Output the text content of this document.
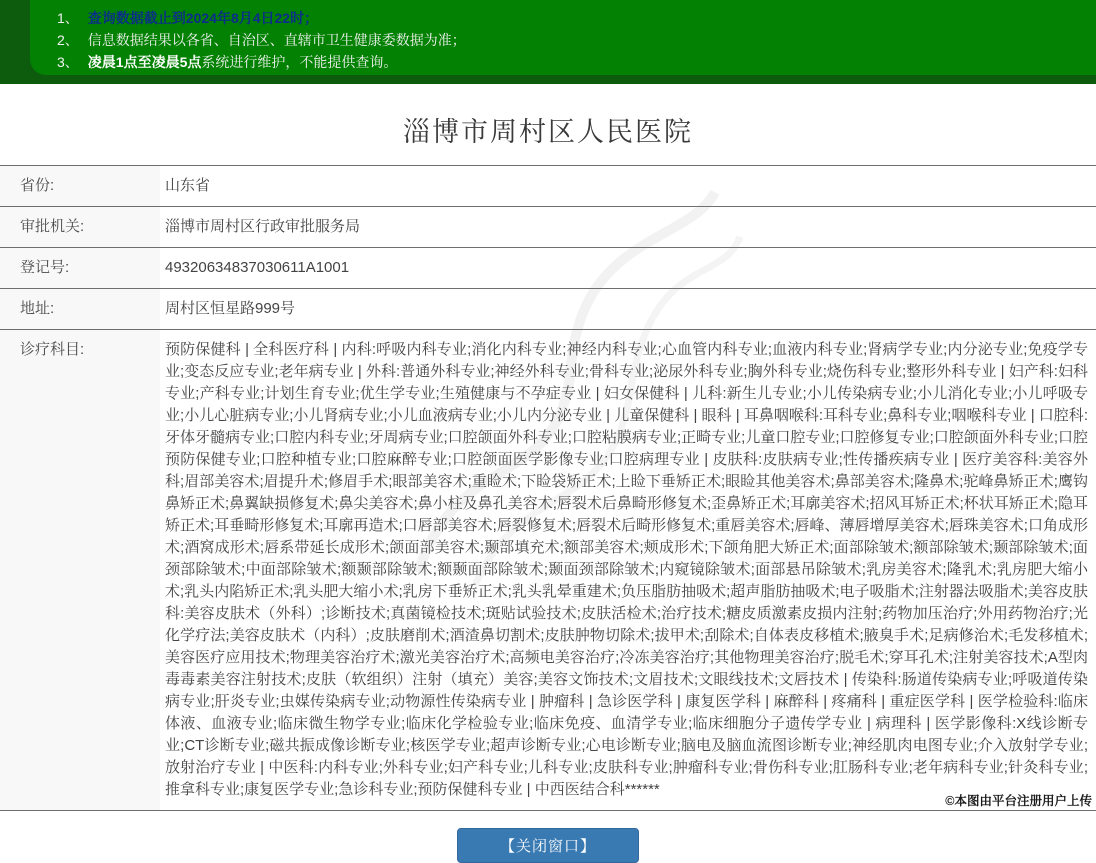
1、 查询数据截止到2024年8月4日22时；
2、 信息数据结果以各省、自治区、直辖市卫生健康委数据为准；
3、 凌晨1点至凌晨5点系统进行维护，不能提供查询。
淄博市周村区人民医院
省份:	山东省
审批机关:	淄博市周村区行政审批服务局
登记号:	49320634837030611A1001
地址:	周村区恒星路999号
诊疗科目:	预防保健科 | 全科医疗科 | 内科:呼吸内科专业;消化内科专业;神经内科专业;心血管内科专业;血液内科专业;肾病学专业;内分泌专业;免疫学专业;变态反应专业;老年病专业 | 外科:普通外科专业;神经外科专业;骨科专业;泌尿外科专业;胸外科专业;烧伤科专业;整形外科专业 | 妇产科:妇科专业;产科专业;计划生育专业;优生学专业;生殖健康与不孕症专业 | 妇女保健科 | 儿科:新生儿专业;小儿传染病专业;小儿消化专业;小儿呼吸专业;小儿心脏病专业;小儿肾病专业;小儿血液病专业;小儿内分泌专业 | 儿童保健科 | 眼科 | 耳鼻咽喉科:耳科专业;鼻科专业;咽喉科专业 | 口腔科:牙体牙髓病专业;口腔内科专业;牙周病专业;口腔颌面外科专业;口腔粘膜病专业;正畸专业;儿童口腔专业;口腔修复专业;口腔颌面外科专业;口腔预防保健专业;口腔种植专业;口腔麻醉专业;口腔颌面医学影像专业;口腔病理专业 | 皮肤科:皮肤病专业;性传播疾病专业 | 医疗美容科:美容外科;眉部美容术;眉提升术;修眉手术;眼部美容术;重睑术;下睑袋矫正术;上睑下垂矫正术;眼睑其他美容术;鼻部美容术;隆鼻术;驼峰鼻矫正术;鹰钩鼻矫正术;鼻翼缺损修复术;鼻尖美容术;鼻小柱及鼻孔美容术;唇裂术后鼻畸形修复术;歪鼻矫正术;耳廓美容术;招风耳矫正术;杯状耳矫正术;隐耳矫正术;耳垂畸形修复术;耳廓再造术;口唇部美容术;唇裂修复术;唇裂术后畸形修复术;重唇美容术;唇峰、薄唇增厚美容术;唇珠美容术;口角成形术;酒窝成形术;唇系带延长成形术;颌面部美容术;颞部填充术;额部美容术;颊成形术;下颌角肥大矫正术;面部除皱术;额部除皱术;颞部除皱术;面颈部除皱术;中面部除皱术;额颞部除皱术;额颞面部除皱术;颞面颈部除皱术;内窥镜除皱术;面部悬吊除皱术;乳房美容术;隆乳术;乳房肥大缩小术;乳头内陷矫正术;乳头肥大缩小术;乳房下垂矫正术;乳头乳晕重建术;负压脂肪抽吸术;超声脂肪抽吸术;电子吸脂术;注射器法吸脂术;美容皮肤科:美容皮肤术（外科）;诊断技术;真菌镜检技术;斑贴试验技术;皮肤活检术;治疗技术;糖皮质激素皮损内注射;药物加压治疗;外用药物治疗;光化学疗法;美容皮肤术（内科）;皮肤磨削术;酒渣鼻切割术;皮肤肿物切除术;拔甲术;刮除术;自体表皮移植术;腋臭手术;足病修治术;毛发移植术;美容医疗应用技术;物理美容治疗术;激光美容治疗术;高频电美容治疗;冷冻美容治疗;其他物理美容治疗;脱毛术;穿耳孔术;注射美容技术;A型肉毒毒素美容注射技术;皮肤（软组织）注射（填充）美容;美容文饰技术;文眉技术;文眼线技术;文唇技术 | 传染科:肠道传染病专业;呼吸道传染病专业;肝炎专业;虫媒传染病专业;动物源性传染病专业 | 肿瘤科 | 急诊医学科 | 康复医学科 | 麻醉科 | 疼痛科 | 重症医学科 | 医学检验科:临床体液、血液专业;临床微生物学专业;临床化学检验专业;临床免疫、血清学专业;临床细胞分子遗传学专业 | 病理科 | 医学影像科:X线诊断专业;CT诊断专业;磁共振成像诊断专业;核医学专业;超声诊断专业;心电诊断专业;脑电及脑血流图诊断专业;神经肌肉电图专业;介入放射学专业;放射治疗专业 | 中医科:内科专业;外科专业;妇产科专业;儿科专业;皮肤科专业;肿瘤科专业;骨伤科专业;肛肠科专业;老年病科专业;针灸科专业;推拿科专业;康复医学专业;急诊科专业;预防保健科专业 | 中西医结合科******
【关闭窗口】
©本图由平台注册用户上传
